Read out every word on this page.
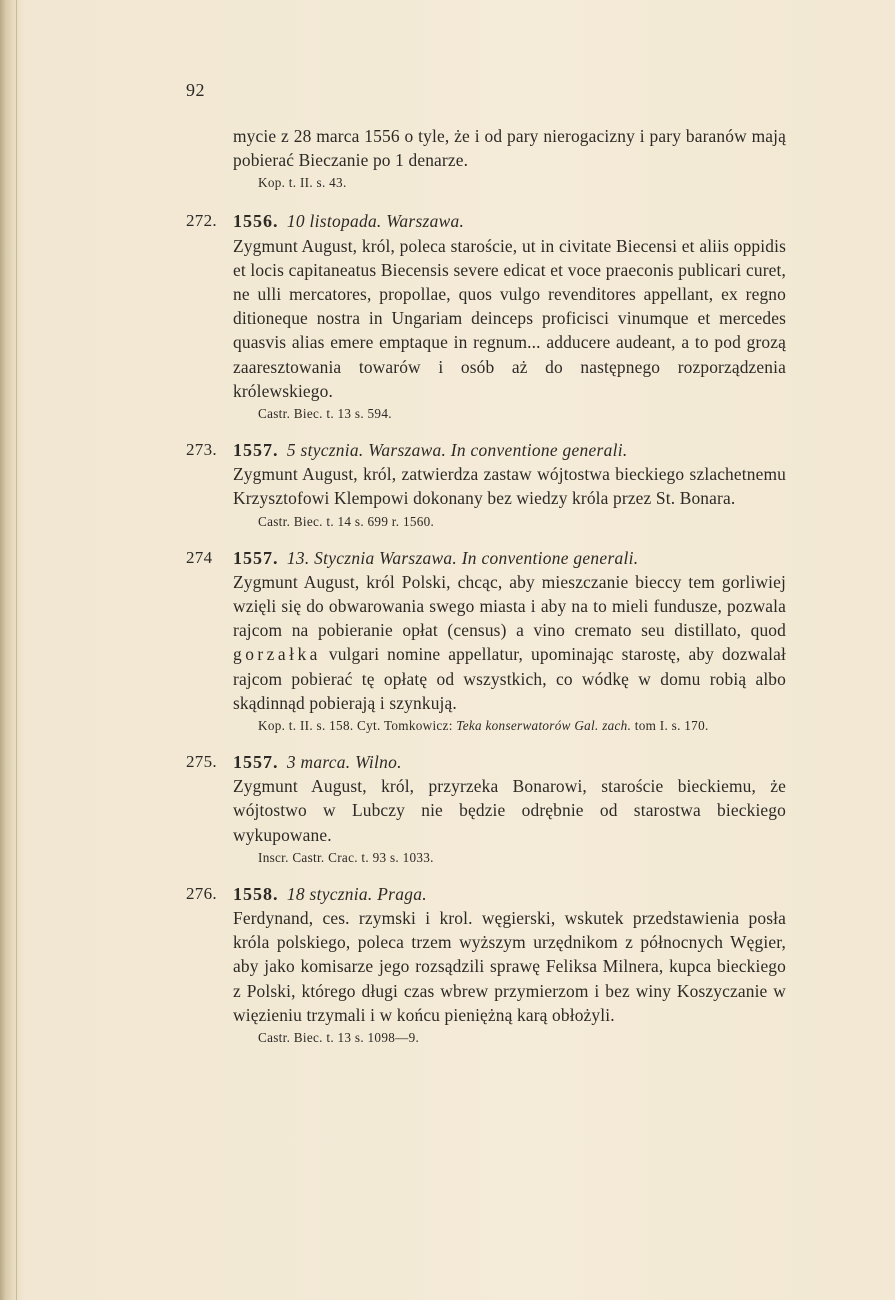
92
mycie z 28 marca 1556 o tyle, że i od pary nierogacizny i pary baranów mają pobierać Bieczanie po 1 denarze.
Kop. t. II. s. 43.
272. 1556. 10 listopada. Warszawa.
Zygmunt August, król, poleca staroście, ut in civitate Biecensi et aliis oppidis et locis capitaneatus Biecensis severe edicat et voce praeconis publicari curet, ne ulli mercatores, propollae, quos vulgo revenditores appellant, ex regno ditioneque nostra in Ungariam deinceps proficisci vinumque et mercedes quasvis alias emere emptaque in regnum... adducere audeant, a to pod grozą zaaresztowania towarów i osób aż do następnego rozporządzenia królewskiego.
Castr. Biec. t. 13 s. 594.
273. 1557. 5 stycznia. Warszawa. In conventione generali.
Zygmunt August, król, zatwierdza zastaw wójtostwa bieckiego szlachetnemu Krzysztofowi Klempowi dokonany bez wiedzy króla przez St. Bonara.
Castr. Biec. t. 14 s. 699 r. 1560.
274 1557. 13. Stycznia Warszawa. In conventione generali.
Zygmunt August, król Polski, chcąc, aby mieszczanie bieccy tem gorliwiej wzięli się do obwarowania swego miasta i aby na to mieli fundusze, pozwala rajcom na pobieranie opłat (census) a vino cremato seu distillato, quod gorzałka vulgari nomine appellatur, upominając starostę, aby dozwalał rajcom pobierać tę opłatę od wszystkich, co wódkę w domu robią albo skądinnąd pobierają i szynkują.
Kop. t. II. s. 158. Cyt. Tomkowicz: Teka konserwatorów Gal. zach. tom I. s. 170.
275. 1557. 3 marca. Wilno.
Zygmunt August, król, przyrzeka Bonarowi, staroście bieckiemu, że wójtostwo w Lubczy nie będzie odrębnie od starostwa bieckiego wykupowane.
Inscr. Castr. Crac. t. 93 s. 1033.
276. 1558. 18 stycznia. Praga.
Ferdynand, ces. rzymski i krol. węgierski, wskutek przedstawienia posła króla polskiego, poleca trzem wyższym urzędnikom z północnych Węgier, aby jako komisarze jego rozsądzili sprawę Feliksa Milnera, kupca bieckiego z Polski, którego długi czas wbrew przymierzom i bez winy Koszyczanie w więzieniu trzymali i w końcu pieniężną karą obłożyli.
Castr. Biec. t. 13 s. 1098—9.
